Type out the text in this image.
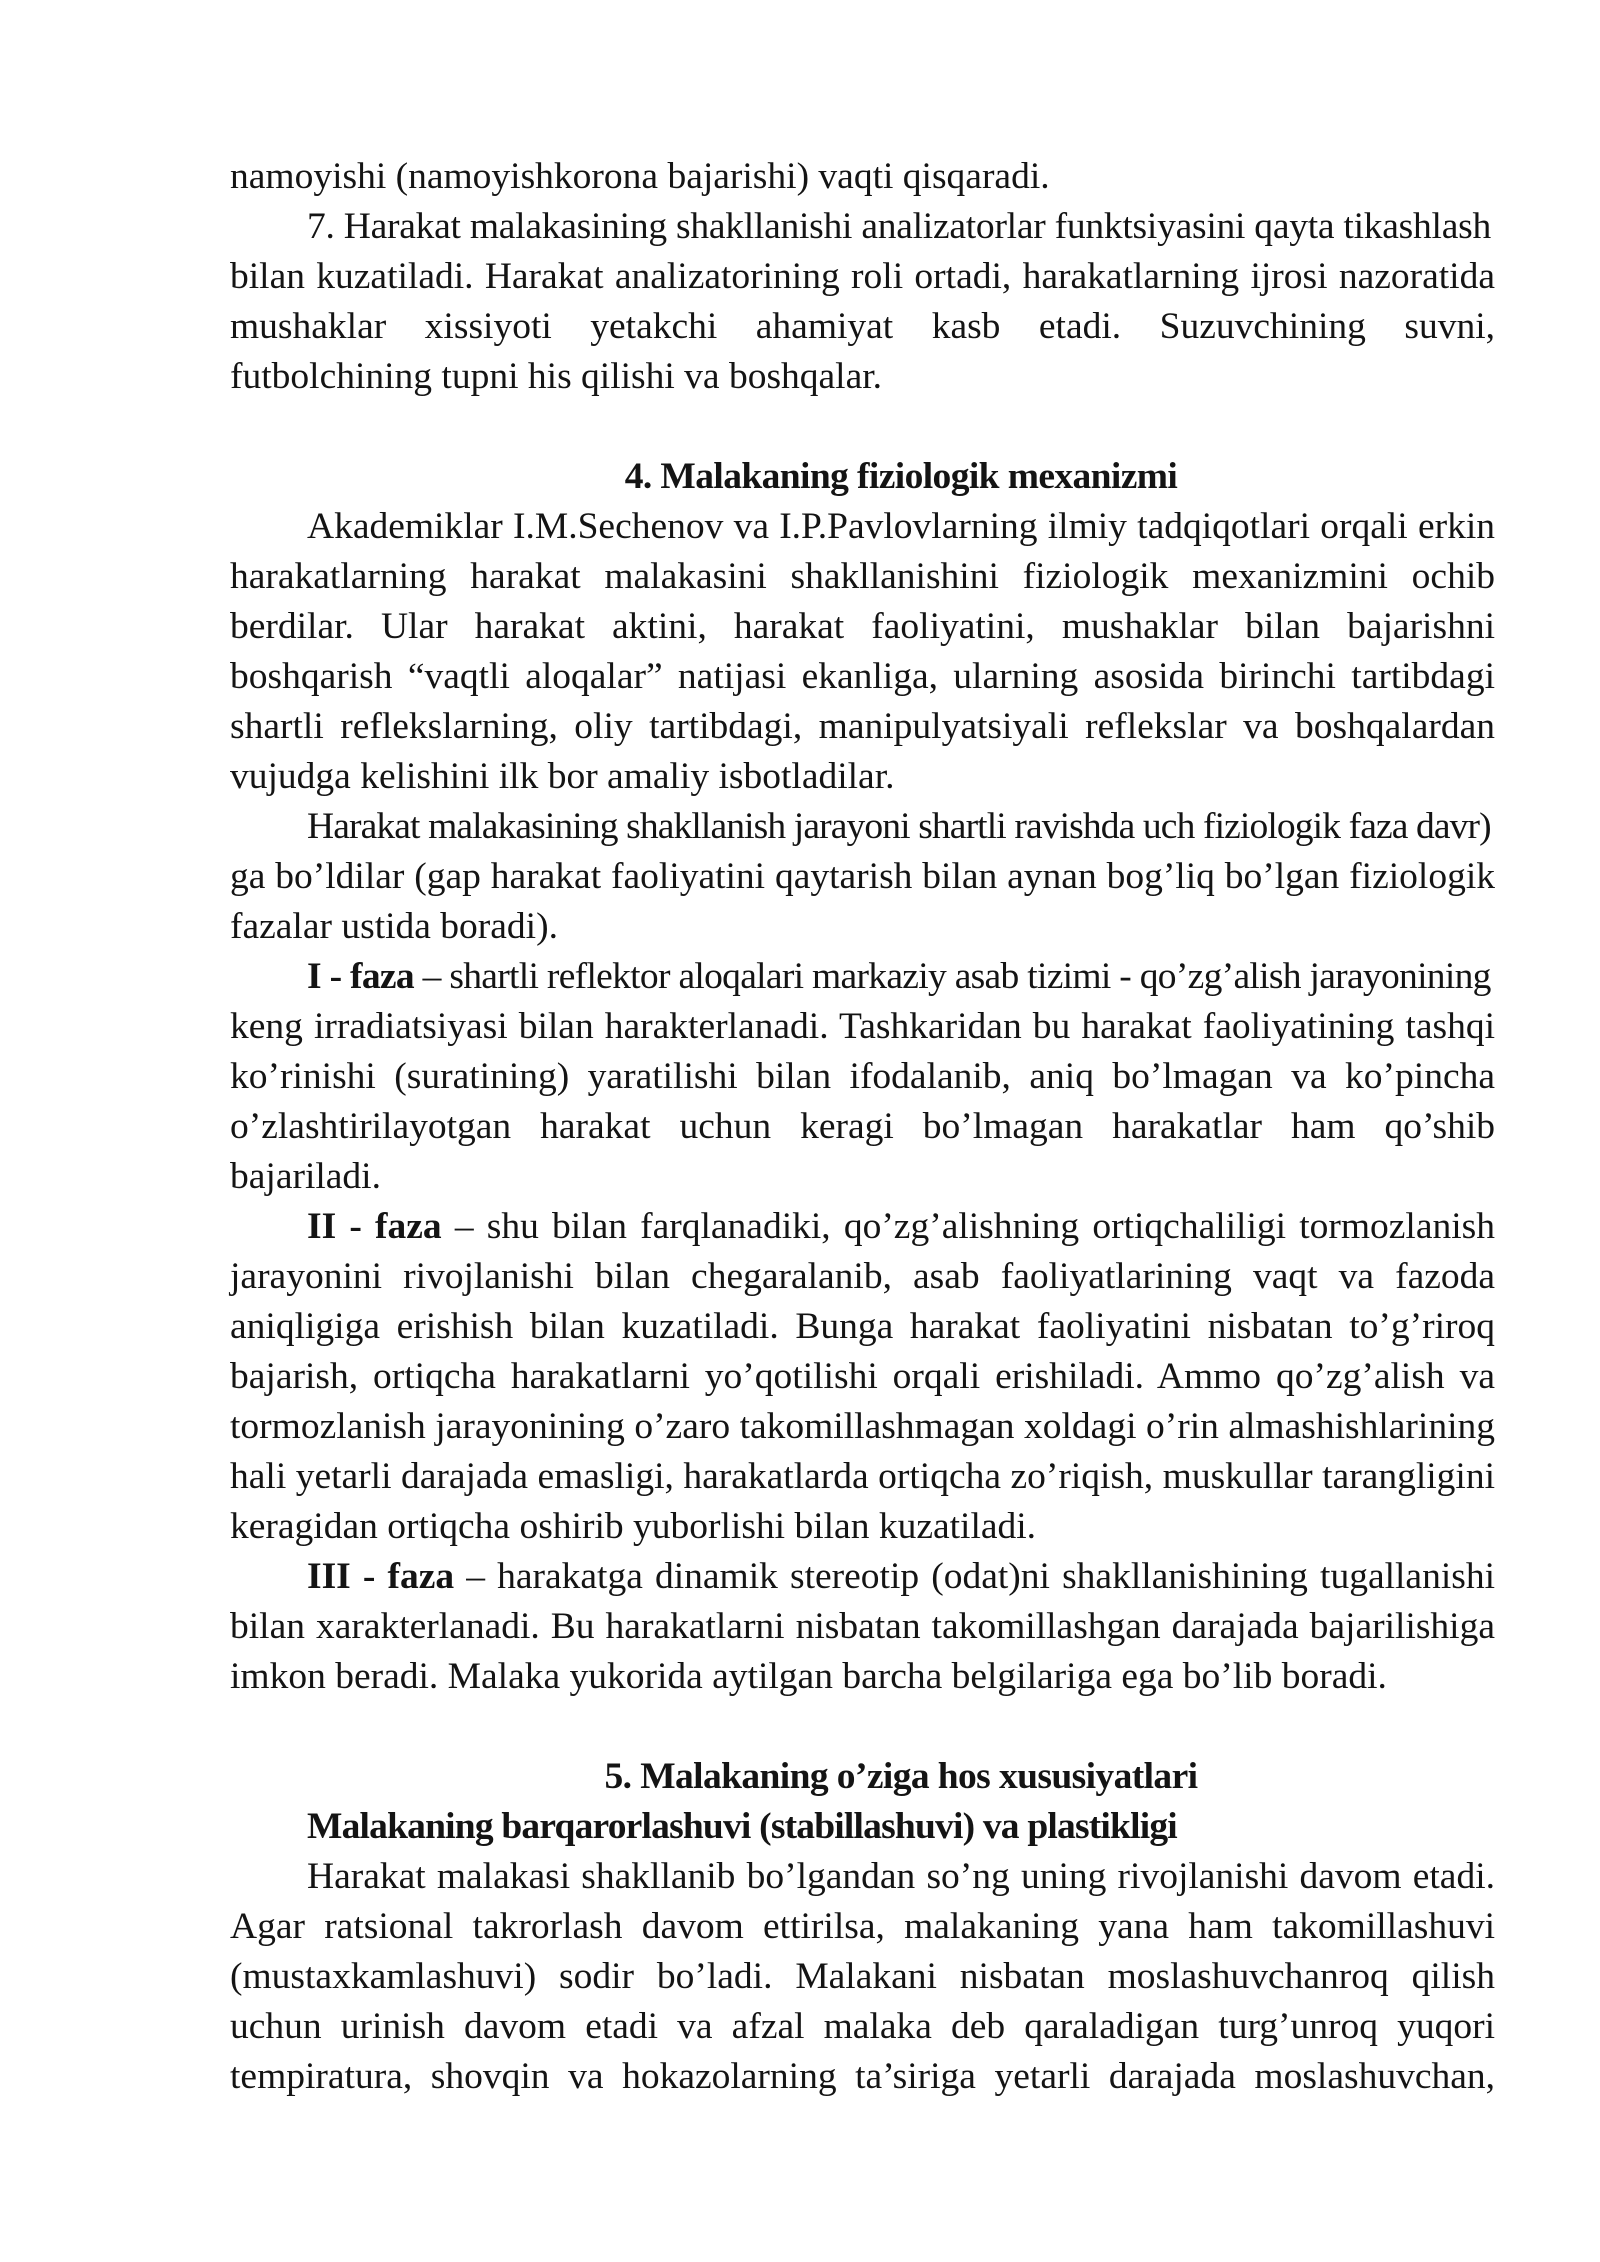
namoyishi (namoyishkorona bajarishi) vaqti qisqaradi.
7. Harakat malakasining shakllanishi analizatorlar funktsiyasini qayta tikashlash
bilan kuzatiladi. Harakat analizatorining roli ortadi, harakatlarning ijrosi nazoratida
mushaklar xissiyoti yetakchi ahamiyat kasb etadi. Suzuvchining suvni,
futbolchining tupni his qilishi va boshqalar.
4. Malakaning fiziologik mexanizmi
Akademiklar I.M.Sechenov va I.P.Pavlovlarning ilmiy tadqiqotlari orqali erkin
harakatlarning harakat malakasini shakllanishini fiziologik mexanizmini ochib
berdilar. Ular harakat aktini, harakat faoliyatini, mushaklar bilan bajarishni
boshqarish “vaqtli aloqalar” natijasi ekanliga, ularning asosida birinchi tartibdagi
shartli reflekslarning, oliy tartibdagi, manipulyatsiyali reflekslar va boshqalardan
vujudga kelishini ilk bor amaliy isbotladilar.
Harakat malakasining shakllanish jarayoni shartli ravishda uch fiziologik faza davr)
ga bo’ldilar (gap harakat faoliyatini qaytarish bilan aynan bog’liq bo’lgan fiziologik
fazalar ustida boradi).
I - faza – shartli reflektor aloqalari markaziy asab tizimi - qo’zg’alish jarayonining
keng irradiatsiyasi bilan harakterlanadi. Tashkaridan bu harakat faoliyatining tashqi
ko’rinishi (suratining) yaratilishi bilan ifodalanib, aniq bo’lmagan va ko’pincha
o’zlashtirilayotgan harakat uchun keragi bo’lmagan harakatlar ham qo’shib
bajariladi.
II - faza – shu bilan farqlanadiki, qo’zg’alishning ortiqchaliligi tormozlanish
jarayonini rivojlanishi bilan chegaralanib, asab faoliyatlarining vaqt va fazoda
aniqligiga erishish bilan kuzatiladi. Bunga harakat faoliyatini nisbatan to’g’riroq
bajarish, ortiqcha harakatlarni yo’qotilishi orqali erishiladi. Ammo qo’zg’alish va
tormozlanish jarayonining o’zaro takomillashmagan xoldagi o’rin almashishlarining
hali yetarli darajada emasligi, harakatlarda ortiqcha zo’riqish, muskullar tarangligini
keragidan ortiqcha oshirib yuborlishi bilan kuzatiladi.
III - faza – harakatga dinamik stereotip (odat)ni shakllanishining tugallanishi
bilan xarakterlanadi. Bu harakatlarni nisbatan takomillashgan darajada bajarilishiga
imkon beradi. Malaka yukorida aytilgan barcha belgilariga ega bo’lib boradi.
5. Malakaning o’ziga hos xususiyatlari
Malakaning barqarorlashuvi (stabillashuvi) va plastikligi
Harakat malakasi shakllanib bo’lgandan so’ng uning rivojlanishi davom etadi.
Agar ratsional takrorlash davom ettirilsa, malakaning yana ham takomillashuvi
(mustaxkamlashuvi) sodir bo’ladi. Malakani nisbatan moslashuvchanroq qilish
uchun urinish davom etadi va afzal malaka deb qaraladigan turg’unroq yuqori
tempiratura, shovqin va hokazolarning ta’siriga yetarli darajada moslashuvchan,
